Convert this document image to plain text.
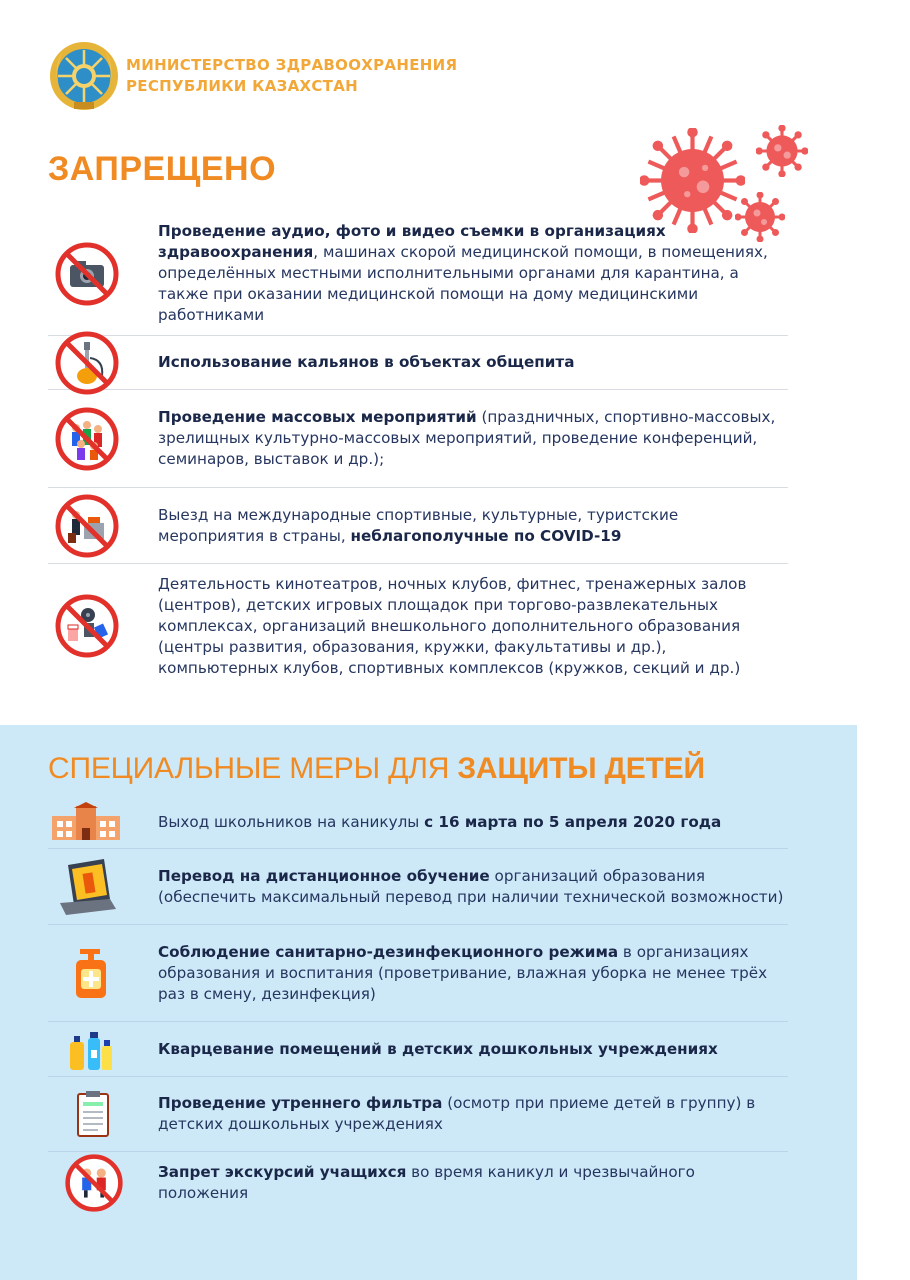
МИНИСТЕРСТВО ЗДРАВООХРАНЕНИЯ
РЕСПУБЛИКИ КАЗАХСТАН
ЗАПРЕЩЕНО
Проведение аудио, фото и видео съемки в организациях здравоохранения, машинах скорой медицинской помощи, в помещениях, определённых местными исполнительными органами для карантина, а также при оказании медицинской помощи на дому медицинскими работниками
Использование кальянов в объектах общепита
Проведение массовых мероприятий (праздничных, спортивно-массовых, зрелищных культурно-массовых мероприятий, проведение конференций, семинаров, выставок и др.);
Выезд на международные спортивные, культурные, туристские мероприятия в страны, неблагополучные по COVID-19
Деятельность кинотеатров, ночных клубов, фитнес, тренажерных залов (центров), детских игровых площадок при торгово-развлекательных комплексах, организаций внешкольного дополнительного образования (центры развития, образования, кружки, факультативы и др.), компьютерных клубов, спортивных комплексов (кружков, секций и др.)
СПЕЦИАЛЬНЫЕ МЕРЫ ДЛЯ ЗАЩИТЫ ДЕТЕЙ
Выход школьников на каникулы с 16 марта по 5 апреля 2020 года
Перевод на дистанционное обучение организаций образования (обеспечить максимальный перевод при наличии технической возможности)
Соблюдение санитарно-дезинфекционного режима в организациях образования и воспитания (проветривание, влажная уборка не менее трёх раз в смену, дезинфекция)
Кварцевание помещений в детских дошкольных учреждениях
Проведение утреннего фильтра (осмотр при приеме детей в группу) в детских дошкольных учреждениях
Запрет экскурсий учащихся во время каникул и чрезвычайного положения
